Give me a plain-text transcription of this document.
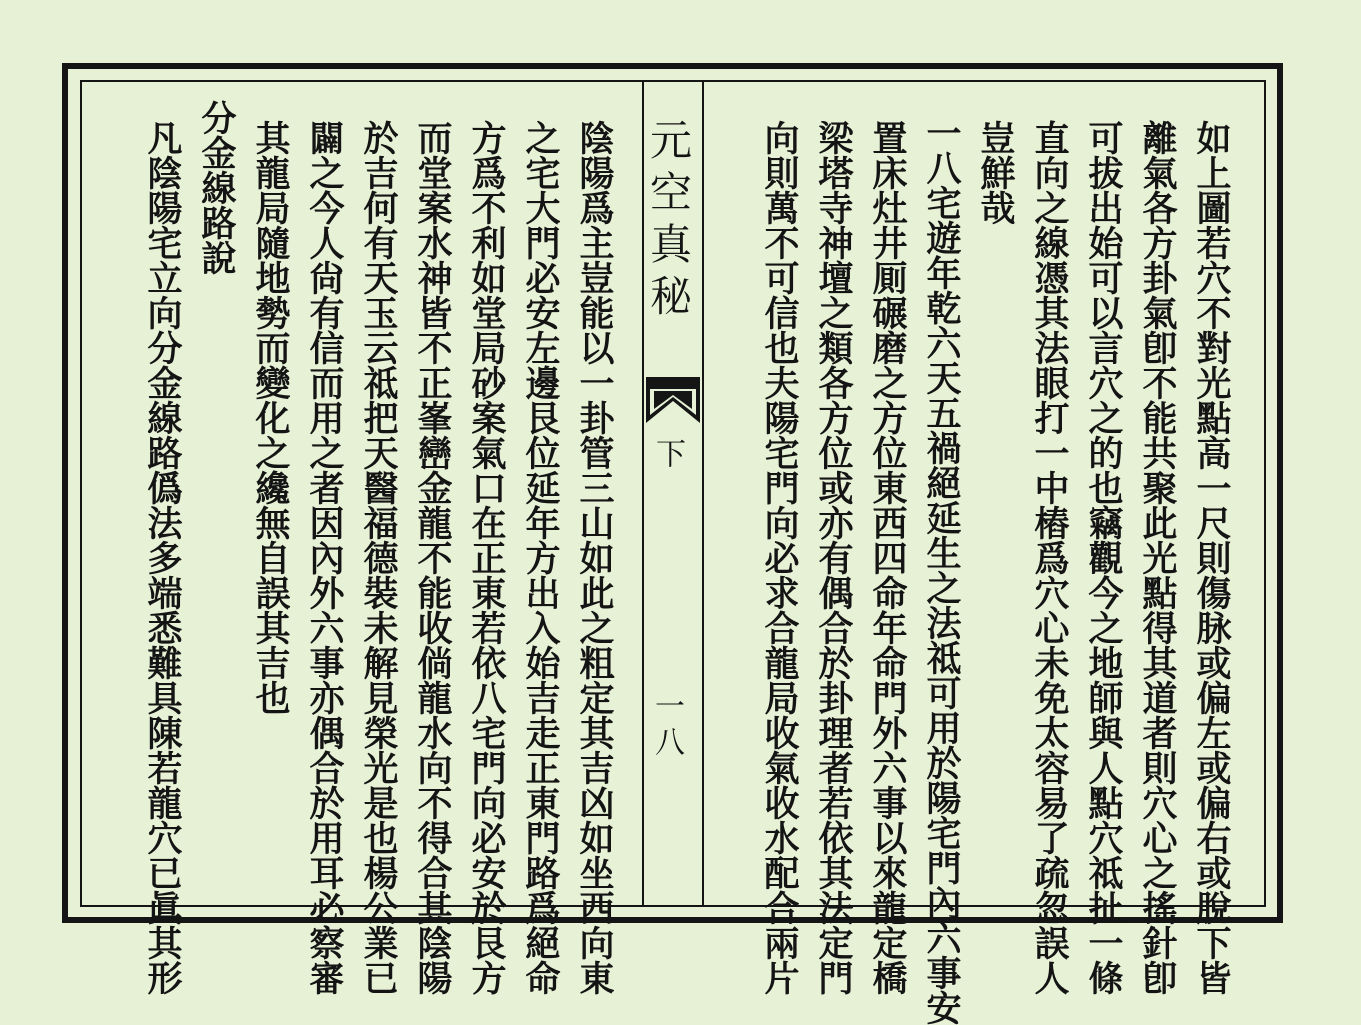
如上圖若穴不對光點高一尺則傷脉或偏左或偏右或脫下皆
離氣各方卦氣卽不能共聚此光點得其道者則穴心之搖針卽
可拔出始可以言穴之的也竊觀今之地師與人點穴祗扯一條
直向之線憑其法眼打一中樁爲穴心未免太容易了疏忽誤人
豈鮮哉
一八宅遊年乾六天五禍絕延生之法祗可用於陽宅門內六事安
置床灶井厠碾磨之方位東西四命年命門外六事以來龍定橋
梁塔寺神壇之類各方位或亦有偶合於卦理者若依其法定門
向則萬不可信也夫陽宅門向必求合龍局收氣收水配合兩片
元空真秘
下
一八
陰陽爲主豈能以一卦管三山如此之粗定其吉凶如坐西向東
之宅大門必安左邊艮位延年方出入始吉走正東門路爲絕命
方爲不利如堂局砂案氣口在正東若依八宅門向必安於艮方
而堂案水神皆不正峯巒金龍不能收倘龍水向不得合其陰陽
於吉何有天玉云祗把天醫福德裝未解見榮光是也楊公業已
闢之今人尙有信而用之者因內外六事亦偶合於用耳必察審
其龍局隨地勢而變化之纔無自誤其吉也
分金線路說
凡陰陽宅立向分金線路僞法多端悉難具陳若龍穴已眞其形
